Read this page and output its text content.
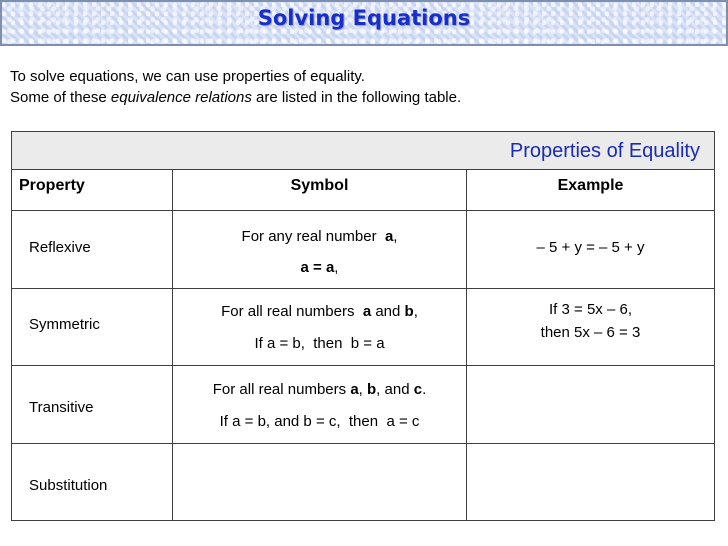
Solving Equations
To solve equations, we can use properties of equality.
Some of these equivalence relations are listed in the following table.
Properties of Equality
Property	Symbol	Example
Reflexive
For any real number a,
a = a,
– 5 + y = – 5 + y
Symmetric
For all real numbers a and b,
If a = b, then b = a
If 3 = 5x – 6,
then 5x – 6 = 3
Transitive
For all real numbers a, b, and c.
If a = b, and b = c, then a = c
Substitution
